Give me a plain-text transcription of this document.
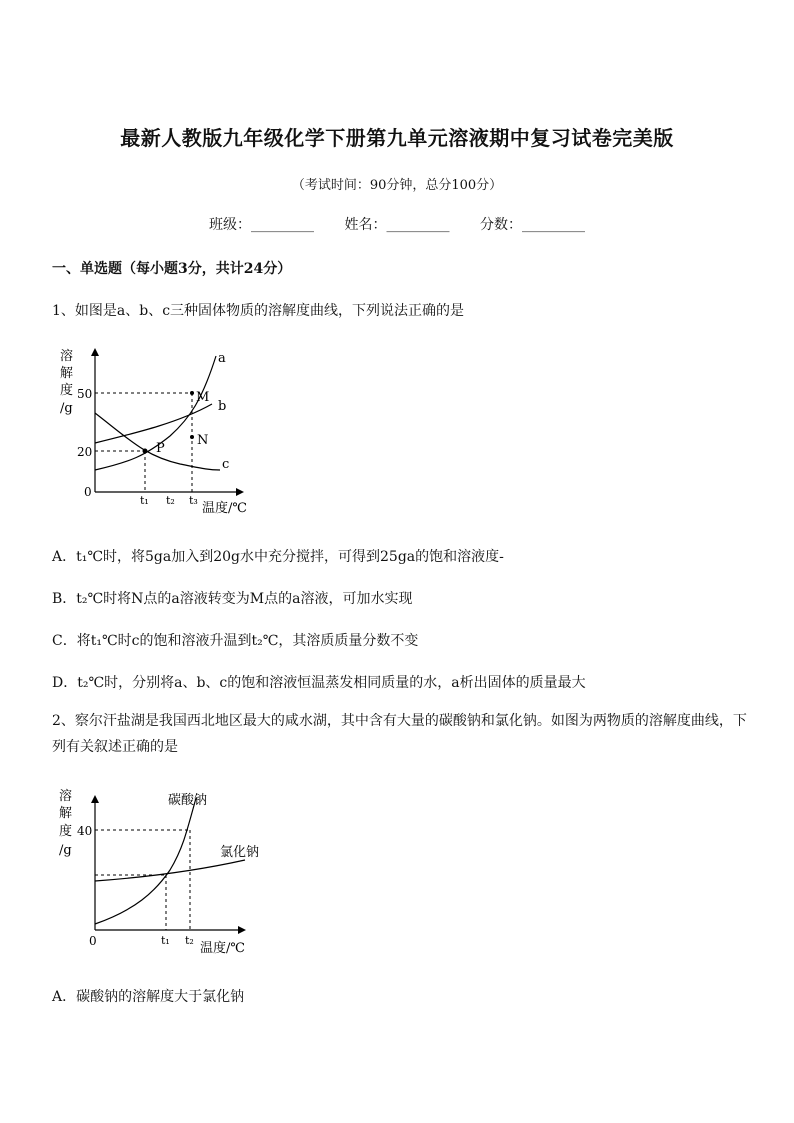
最新人教版九年级化学下册第九单元溶液期中复习试卷完美版
（考试时间：90分钟，总分100分）
班级：_________ 姓名：_________ 分数：_________
一、单选题（每小题3分，共计24分）
1、如图是a、b、c三种固体物质的溶解度曲线，下列说法正确的是
溶
解
度
/g
50
20
0
t₁ t₂ t₃
温度/℃
a
b
c
M
N
P
A．t₁℃时，将5ga加入到20g水中充分搅拌，可得到25ga的饱和溶液度-
B．t₂℃时将N点的a溶液转变为M点的a溶液，可加水实现
C．将t₁℃时c的饱和溶液升温到t₂℃，其溶质质量分数不变
D．t₂℃时，分别将a、b、c的饱和溶液恒温蒸发相同质量的水，a析出固体的质量最大
2、察尔汗盐湖是我国西北地区最大的咸水湖，其中含有大量的碳酸钠和氯化钠。如图为两物质的溶解度曲线，下列有关叙述正确的是
溶
解
度
/g
40
0	t₁ t₂
温度/℃
碳酸钠
氯化钠
A．碳酸钠的溶解度大于氯化钠
